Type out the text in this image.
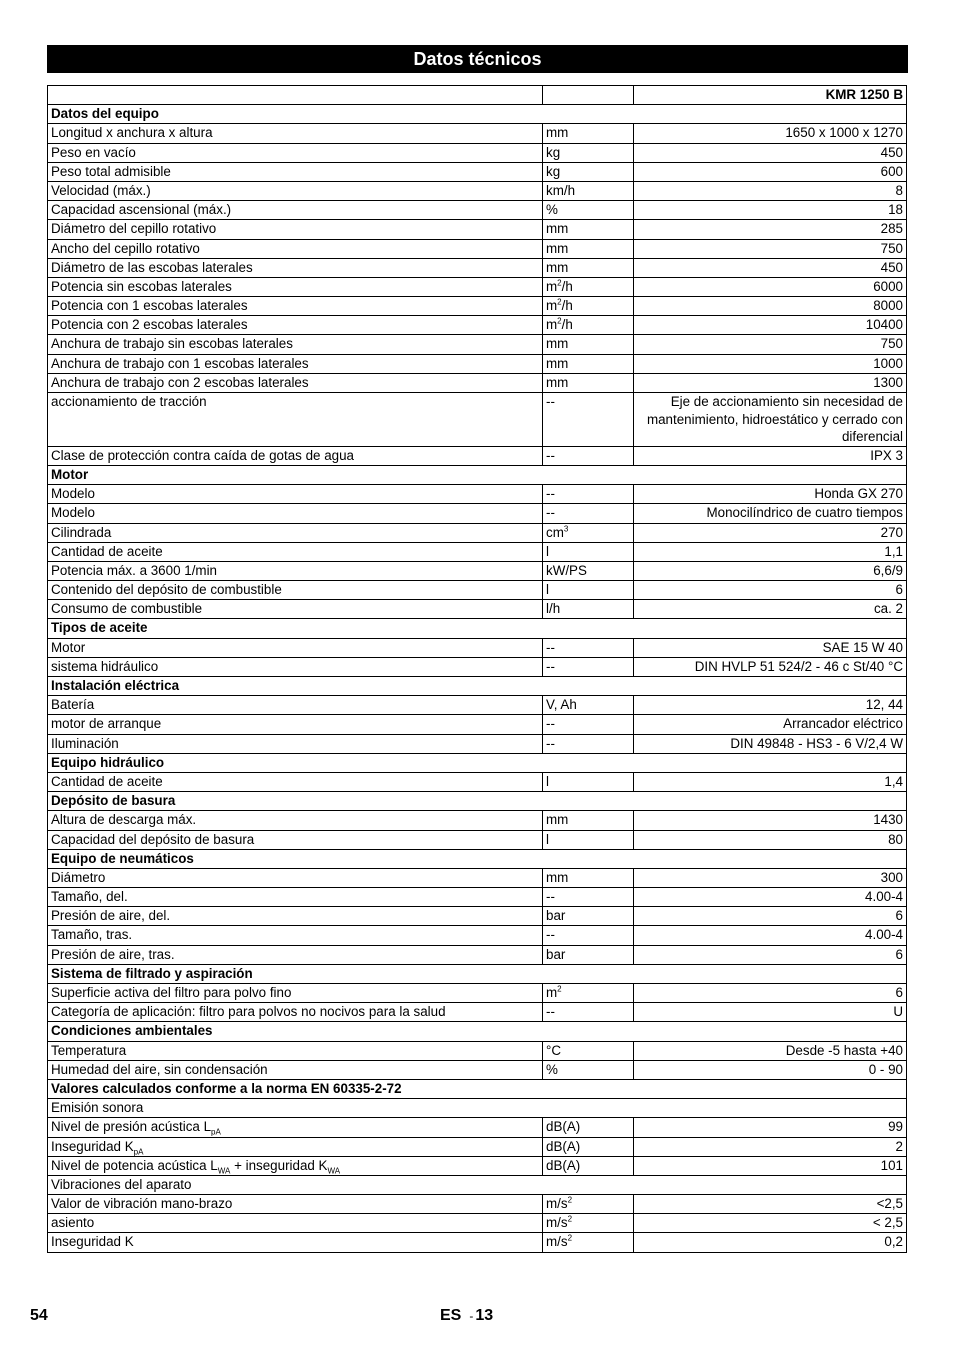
Datos técnicos
		KMR 1250 B
Datos del equipo		
Longitud x anchura x altura	mm	1650 x 1000 x 1270
Peso en vacío	kg	450
Peso total admisible	kg	600
Velocidad (máx.)	km/h	8
Capacidad ascensional (máx.)	%	18
Diámetro del cepillo rotativo	mm	285
Ancho del cepillo rotativo	mm	750
Diámetro de las escobas laterales	mm	450
Potencia sin escobas laterales	$m^2/h$	6000
Potencia con 1 escobas laterales	$m^2/h$	8000
Potencia con 2 escobas laterales	$m^2/h$	10400
Anchura de trabajo sin escobas laterales	mm	750
Anchura de trabajo con 1 escobas laterales	mm	1000
Anchura de trabajo con 2 escobas laterales	mm	1300
accionamiento de tracción	--	Eje de accionamiento sin necesidad de mantenimiento, hidroestático y cerrado con diferencial
Clase de protección contra caída de gotas de agua	--	IPX 3
Motor		
Modelo	--	Honda GX 270
Modelo	--	Monocilíndrico de cuatro tiempos
Cilindrada	$cm^3$	270
Cantidad de aceite	l	1,1
Potencia máx. a 3600 1/min	kW/PS	6,6/9
Contenido del depósito de combustible	l	6
Consumo de combustible	l/h	ca. 2
Tipos de aceite		
Motor	--	SAE 15 W 40
sistema hidráulico	--	DIN HVLP 51 524/2 - 46 c St/40 °C
Instalación eléctrica		
Batería	V, Ah	12, 44
motor de arranque	--	Arrancador eléctrico
Iluminación	--	DIN 49848 - HS3 - 6 V/2,4 W
Equipo hidráulico		
Cantidad de aceite	l	1,4
Depósito de basura		
Altura de descarga máx.	mm	1430
Capacidad del depósito de basura	l	80
Equipo de neumáticos		
Diámetro	mm	300
Tamaño, del.	--	4.00-4
Presión de aire, del.	bar	6
Tamaño, tras.	--	4.00-4
Presión de aire, tras.	bar	6
Sistema de filtrado y aspiración		
Superficie activa del filtro para polvo fino	$m^2$	6
Categoría de aplicación: filtro para polvos no nocivos para la salud	--	U
Condiciones ambientales		
Temperatura	°C	Desde -5 hasta +40
Humedad del aire, sin condensación	%	0 - 90
Valores calculados conforme a la norma EN 60335-2-72		
Emisión sonora		
Nivel de presión acústica $L_{pA}$	dB(A)	99
Inseguridad $K_{pA}$	dB(A)	2
Nivel de potencia acústica $L_{WA}$ + inseguridad $K_{WA}$	dB(A)	101
Vibraciones del aparato		
Valor de vibración mano-brazo	$m/s^2$	<2,5
asiento	$m/s^2$	< 2,5
Inseguridad K	$m/s^2$	0,2
54	ES - 13
